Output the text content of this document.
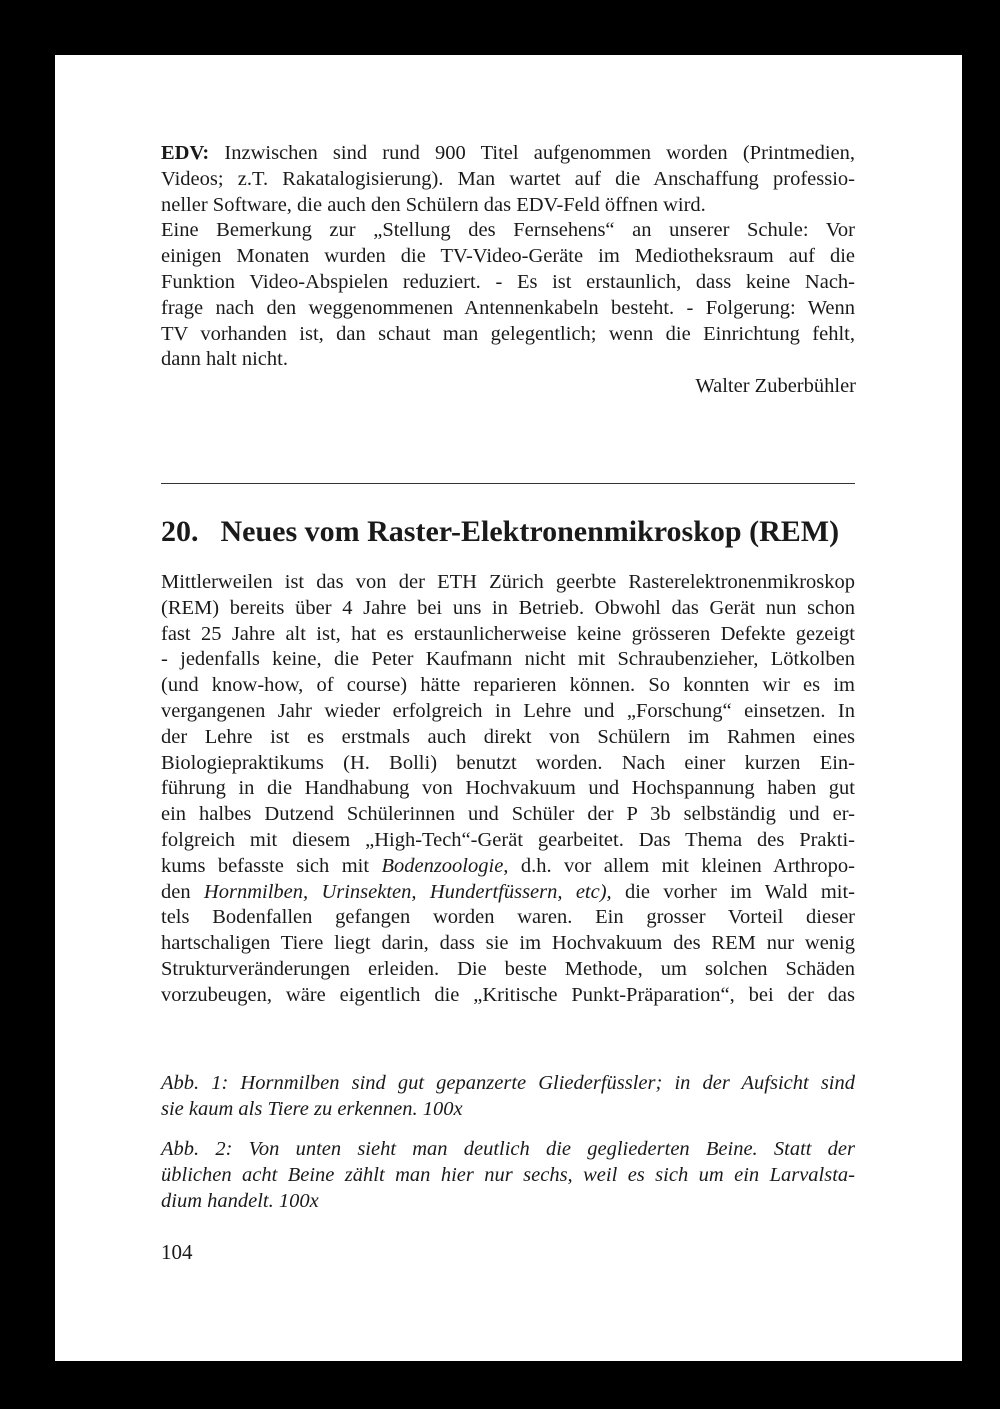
EDV: Inzwischen sind rund 900 Titel aufgenommen worden (Printmedien,
Videos; z.T. Rakatalogisierung). Man wartet auf die Anschaffung professio-
neller Software, die auch den Schülern das EDV-Feld öffnen wird.
Eine Bemerkung zur „Stellung des Fernsehens“ an unserer Schule: Vor
einigen Monaten wurden die TV-Video-Geräte im Mediotheksraum auf die
Funktion Video-Abspielen reduziert. - Es ist erstaunlich, dass keine Nach-
frage nach den weggenommenen Antennenkabeln besteht. - Folgerung: Wenn
TV vorhanden ist, dan schaut man gelegentlich; wenn die Einrichtung fehlt,
dann halt nicht.

Walter Zuberbühler
20. Neues vom Raster-Elektronenmikroskop (REM)

Mittlerweilen ist das von der ETH Zürich geerbte Rasterelektronenmikroskop
(REM) bereits über 4 Jahre bei uns in Betrieb. Obwohl das Gerät nun schon
fast 25 Jahre alt ist, hat es erstaunlicherweise keine grösseren Defekte gezeigt
- jedenfalls keine, die Peter Kaufmann nicht mit Schraubenzieher, Lötkolben
(und know-how, of course) hätte reparieren können. So konnten wir es im
vergangenen Jahr wieder erfolgreich in Lehre und „Forschung“ einsetzen. In
der Lehre ist es erstmals auch direkt von Schülern im Rahmen eines
Biologiepraktikums (H. Bolli) benutzt worden. Nach einer kurzen Ein-
führung in die Handhabung von Hochvakuum und Hochspannung haben gut
ein halbes Dutzend Schülerinnen und Schüler der P 3b selbständig und er-
folgreich mit diesem „High-Tech“-Gerät gearbeitet. Das Thema des Prakti-
kums befasste sich mit Bodenzoologie, d.h. vor allem mit kleinen Arthropo-
den Hornmilben, Urinsekten, Hundertfüssern, etc), die vorher im Wald mit-
tels Bodenfallen gefangen worden waren. Ein grosser Vorteil dieser
hartschaligen Tiere liegt darin, dass sie im Hochvakuum des REM nur wenig
Strukturveränderungen erleiden. Die beste Methode, um solchen Schäden
vorzubeugen, wäre eigentlich die „Kritische Punkt-Präparation“, bei der das

Abb. 1: Hornmilben sind gut gepanzerte Gliederfüssler; in der Aufsicht sind
sie kaum als Tiere zu erkennen. 100x

Abb. 2: Von unten sieht man deutlich die gegliederten Beine. Statt der
üblichen acht Beine zählt man hier nur sechs, weil es sich um ein Larvalsta-
dium handelt. 100x

104
